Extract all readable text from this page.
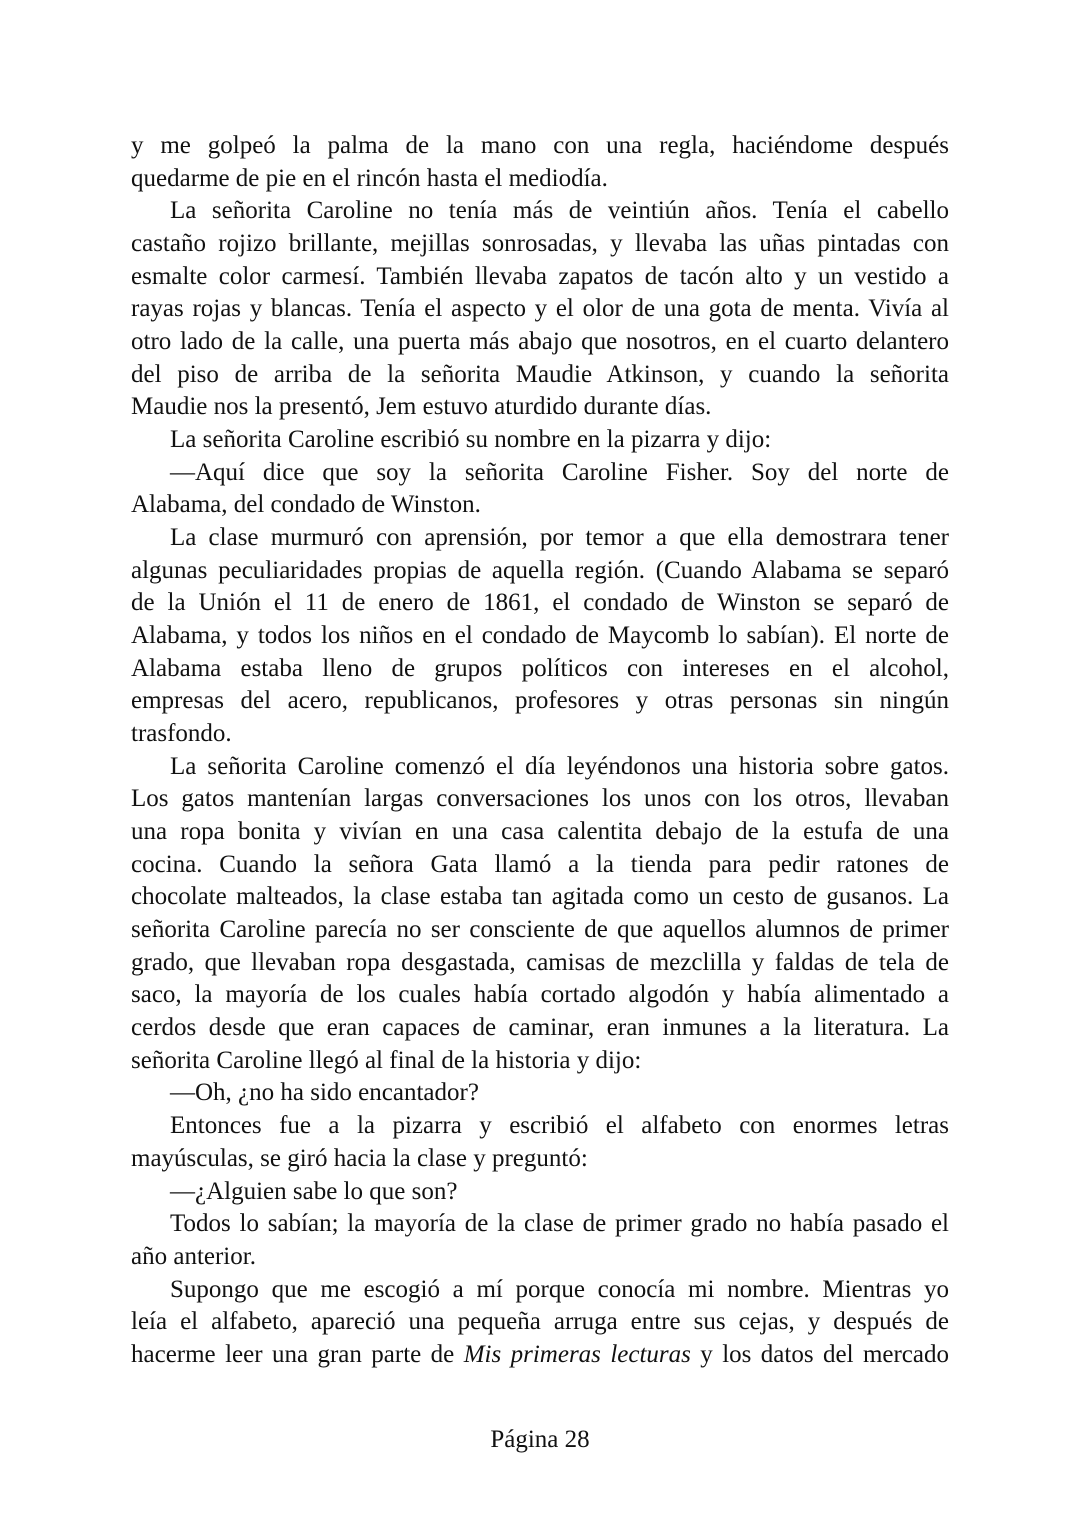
y me golpeó la palma de la mano con una regla, haciéndome después
quedarme de pie en el rincón hasta el mediodía.
La señorita Caroline no tenía más de veintiún años. Tenía el cabello
castaño rojizo brillante, mejillas sonrosadas, y llevaba las uñas pintadas con
esmalte color carmesí. También llevaba zapatos de tacón alto y un vestido a
rayas rojas y blancas. Tenía el aspecto y el olor de una gota de menta. Vivía al
otro lado de la calle, una puerta más abajo que nosotros, en el cuarto delantero
del piso de arriba de la señorita Maudie Atkinson, y cuando la señorita
Maudie nos la presentó, Jem estuvo aturdido durante días.
La señorita Caroline escribió su nombre en la pizarra y dijo:
—Aquí dice que soy la señorita Caroline Fisher. Soy del norte de
Alabama, del condado de Winston.
La clase murmuró con aprensión, por temor a que ella demostrara tener
algunas peculiaridades propias de aquella región. (Cuando Alabama se separó
de la Unión el 11 de enero de 1861, el condado de Winston se separó de
Alabama, y todos los niños en el condado de Maycomb lo sabían). El norte de
Alabama estaba lleno de grupos políticos con intereses en el alcohol,
empresas del acero, republicanos, profesores y otras personas sin ningún
trasfondo.
La señorita Caroline comenzó el día leyéndonos una historia sobre gatos.
Los gatos mantenían largas conversaciones los unos con los otros, llevaban
una ropa bonita y vivían en una casa calentita debajo de la estufa de una
cocina. Cuando la señora Gata llamó a la tienda para pedir ratones de
chocolate malteados, la clase estaba tan agitada como un cesto de gusanos. La
señorita Caroline parecía no ser consciente de que aquellos alumnos de primer
grado, que llevaban ropa desgastada, camisas de mezclilla y faldas de tela de
saco, la mayoría de los cuales había cortado algodón y había alimentado a
cerdos desde que eran capaces de caminar, eran inmunes a la literatura. La
señorita Caroline llegó al final de la historia y dijo:
—Oh, ¿no ha sido encantador?
Entonces fue a la pizarra y escribió el alfabeto con enormes letras
mayúsculas, se giró hacia la clase y preguntó:
—¿Alguien sabe lo que son?
Todos lo sabían; la mayoría de la clase de primer grado no había pasado el
año anterior.
Supongo que me escogió a mí porque conocía mi nombre. Mientras yo
leía el alfabeto, apareció una pequeña arruga entre sus cejas, y después de
hacerme leer una gran parte de Mis primeras lecturas y los datos del mercado
Página 28
